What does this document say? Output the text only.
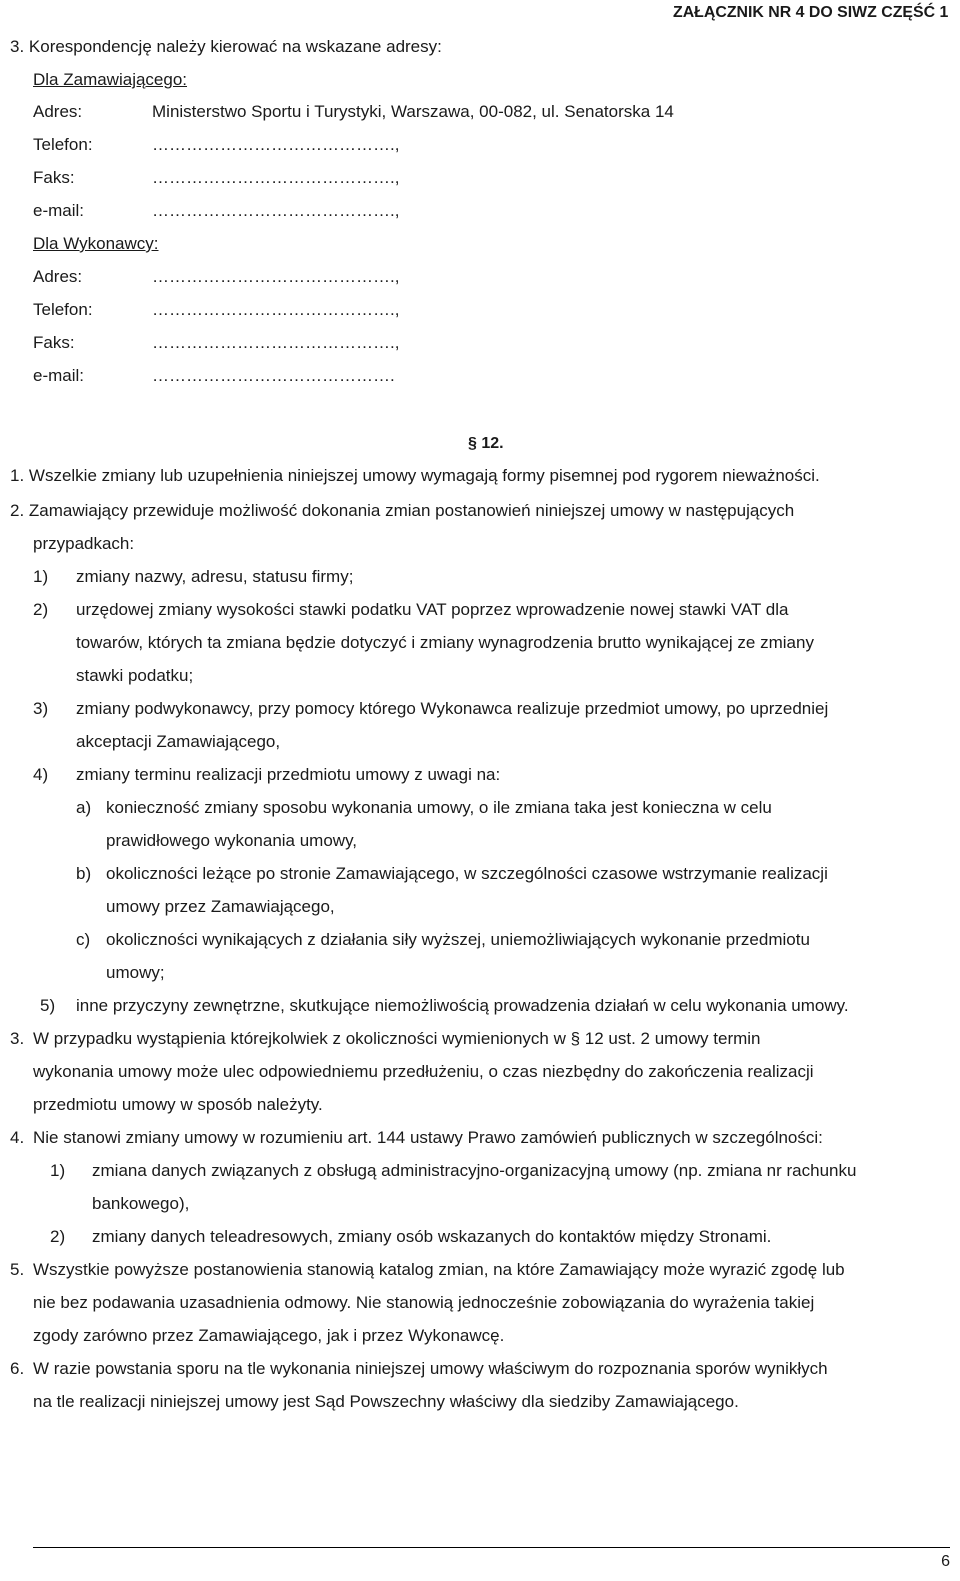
ZAŁĄCZNIK NR 4 DO SIWZ CZĘŚĆ 1
3. Korespondencję należy kierować na wskazane adresy:
Dla Zamawiającego:
Adres:	Ministerstwo Sportu i Turystyki, Warszawa, 00-082, ul. Senatorska 14
Telefon:	…………………………………….,
Faks:	…………………………………….,
e-mail:	…………………………………….,
Dla Wykonawcy:
Adres:	…………………………………….,
Telefon:	…………………………………….,
Faks:	…………………………………….,
e-mail:	…………………………………….
§ 12.
1. Wszelkie zmiany lub uzupełnienia niniejszej umowy wymagają formy pisemnej pod rygorem nieważności.
2. Zamawiający przewiduje możliwość dokonania zmian postanowień niniejszej umowy w następujących
przypadkach:
1) zmiany nazwy, adresu, statusu firmy;
2) urzędowej zmiany wysokości stawki podatku VAT poprzez wprowadzenie nowej stawki VAT dla
towarów, których ta zmiana będzie dotyczyć i zmiany wynagrodzenia brutto wynikającej ze zmiany
stawki podatku;
3) zmiany podwykonawcy, przy pomocy którego Wykonawca realizuje przedmiot umowy, po uprzedniej
akceptacji Zamawiającego,
4) zmiany terminu realizacji przedmiotu umowy z uwagi na:
a) konieczność zmiany sposobu wykonania umowy, o ile zmiana taka jest konieczna w celu
prawidłowego wykonania umowy,
b) okoliczności leżące po stronie Zamawiającego, w szczególności czasowe wstrzymanie realizacji
umowy przez Zamawiającego,
c) okoliczności wynikających z działania siły wyższej, uniemożliwiających wykonanie przedmiotu
umowy;
5) inne przyczyny zewnętrzne, skutkujące niemożliwością prowadzenia działań w celu wykonania umowy.
3. W przypadku wystąpienia którejkolwiek z okoliczności wymienionych w § 12 ust. 2 umowy termin
wykonania umowy może ulec odpowiedniemu przedłużeniu, o czas niezbędny do zakończenia realizacji
przedmiotu umowy w sposób należyty.
4. Nie stanowi zmiany umowy w rozumieniu art. 144 ustawy Prawo zamówień publicznych w szczególności:
1) zmiana danych związanych z obsługą administracyjno-organizacyjną umowy (np. zmiana nr rachunku
bankowego),
2) zmiany danych teleadresowych, zmiany osób wskazanych do kontaktów między Stronami.
5. Wszystkie powyższe postanowienia stanowią katalog zmian, na które Zamawiający może wyrazić zgodę lub
nie bez podawania uzasadnienia odmowy. Nie stanowią jednocześnie zobowiązania do wyrażenia takiej
zgody zarówno przez Zamawiającego, jak i przez Wykonawcę.
6. W razie powstania sporu na tle wykonania niniejszej umowy właściwym do rozpoznania sporów wynikłych
na tle realizacji niniejszej umowy jest Sąd Powszechny właściwy dla siedziby Zamawiającego.
6
